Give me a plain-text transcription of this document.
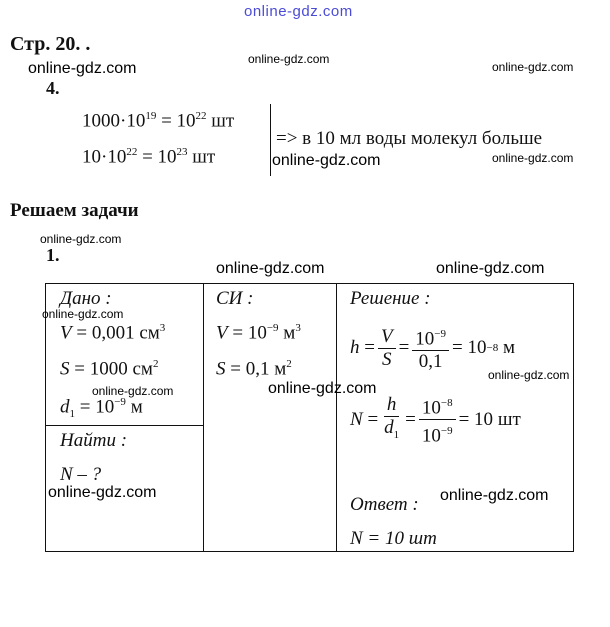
online-gdz.com
Стр. 20. .
online-gdz.com
online-gdz.com	online-gdz.com
4.
$1000\cdot 10^{19} = 10^{22}$ шт
$10\cdot 10^{22} = 10^{23}$ шт
=> в 10 мл воды молекул больше
online-gdz.com	online-gdz.com
Решаем задачи
online-gdz.com
1.
online-gdz.com	online-gdz.com
Дано :
online-gdz.com
V = 0,001 $см^3$
S = 1000 $см^2$
online-gdz.com
$d_1 = 10^{-9}$ м
Найти :
N – ?
online-gdz.com
СИ :
$V = 10^{-9}$ $м^3$
S = 0,1 $м^2$
online-gdz.com
Решение :
h
= $\frac{V}{S} = \frac{10^{-9}}{0,1} = 10 -8$
м
online-gdz.com
N
= $\frac{h}{d_1} = \frac{10^{-8}}{10^{-9}} = 10$
шт
Ответ : online-gdz.com
N = 10 шт
